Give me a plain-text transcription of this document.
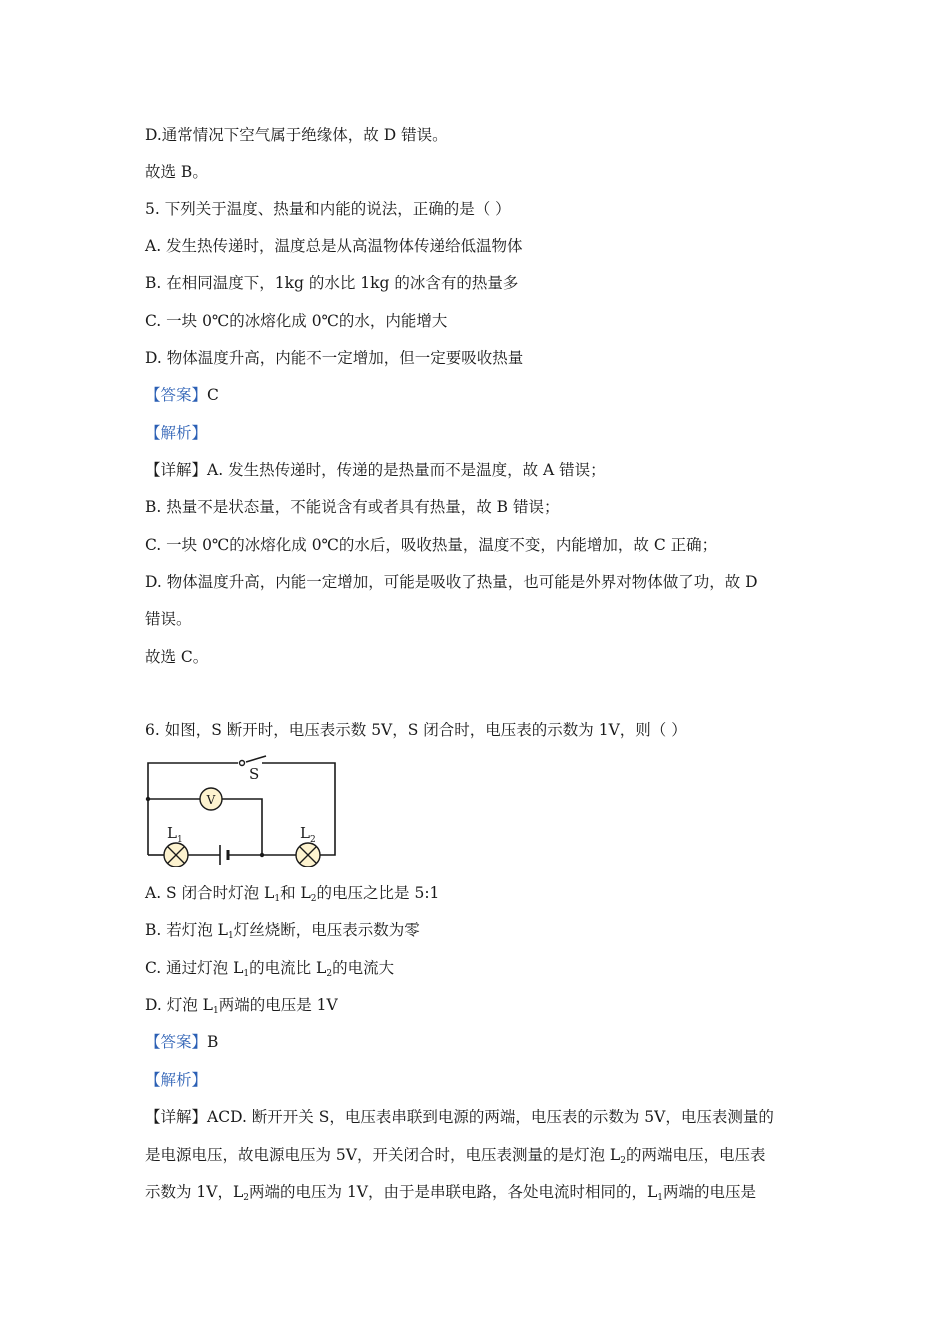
D.通常情况下空气属于绝缘体，故 D 错误。
故选 B。
5. 下列关于温度、热量和内能的说法，正确的是（ ）
A. 发生热传递时，温度总是从高温物体传递给低温物体
B. 在相同温度下，1kg 的水比 1kg 的冰含有的热量多
C. 一块 0℃的冰熔化成 0℃的水，内能增大
D. 物体温度升高，内能不一定增加，但一定要吸收热量
【答案】C
【解析】
【详解】A. 发生热传递时，传递的是热量而不是温度，故 A 错误；
B. 热量不是状态量，不能说含有或者具有热量，故 B 错误；
C. 一块 0℃的冰熔化成 0℃的水后，吸收热量，温度不变，内能增加，故 C 正确；
D. 物体温度升高，内能一定增加，可能是吸收了热量，也可能是外界对物体做了功，故 D
错误。
故选 C。
6. 如图，S 断开时，电压表示数 5V，S 闭合时，电压表的示数为 1V，则（ ）
S
V
$L_1$	$L_2$
A. S 闭合时灯泡 $L_1$和 $L_2$的电压之比是 5:1
B. 若灯泡 $L_1$灯丝烧断，电压表示数为零
C. 通过灯泡 $L_1$的电流比 $L_2$的电流大
D. 灯泡 $L_1$两端的电压是 1V
【答案】B
【解析】
【详解】ACD. 断开开关 S，电压表串联到电源的两端，电压表的示数为 5V，电压表测量的
是电源电压，故电源电压为 5V，开关闭合时，电压表测量的是灯泡 $L_2$的两端电压，电压表
示数为 1V，$L_2$两端的电压为 1V，由于是串联电路，各处电流时相同的，$L_1$两端的电压是
